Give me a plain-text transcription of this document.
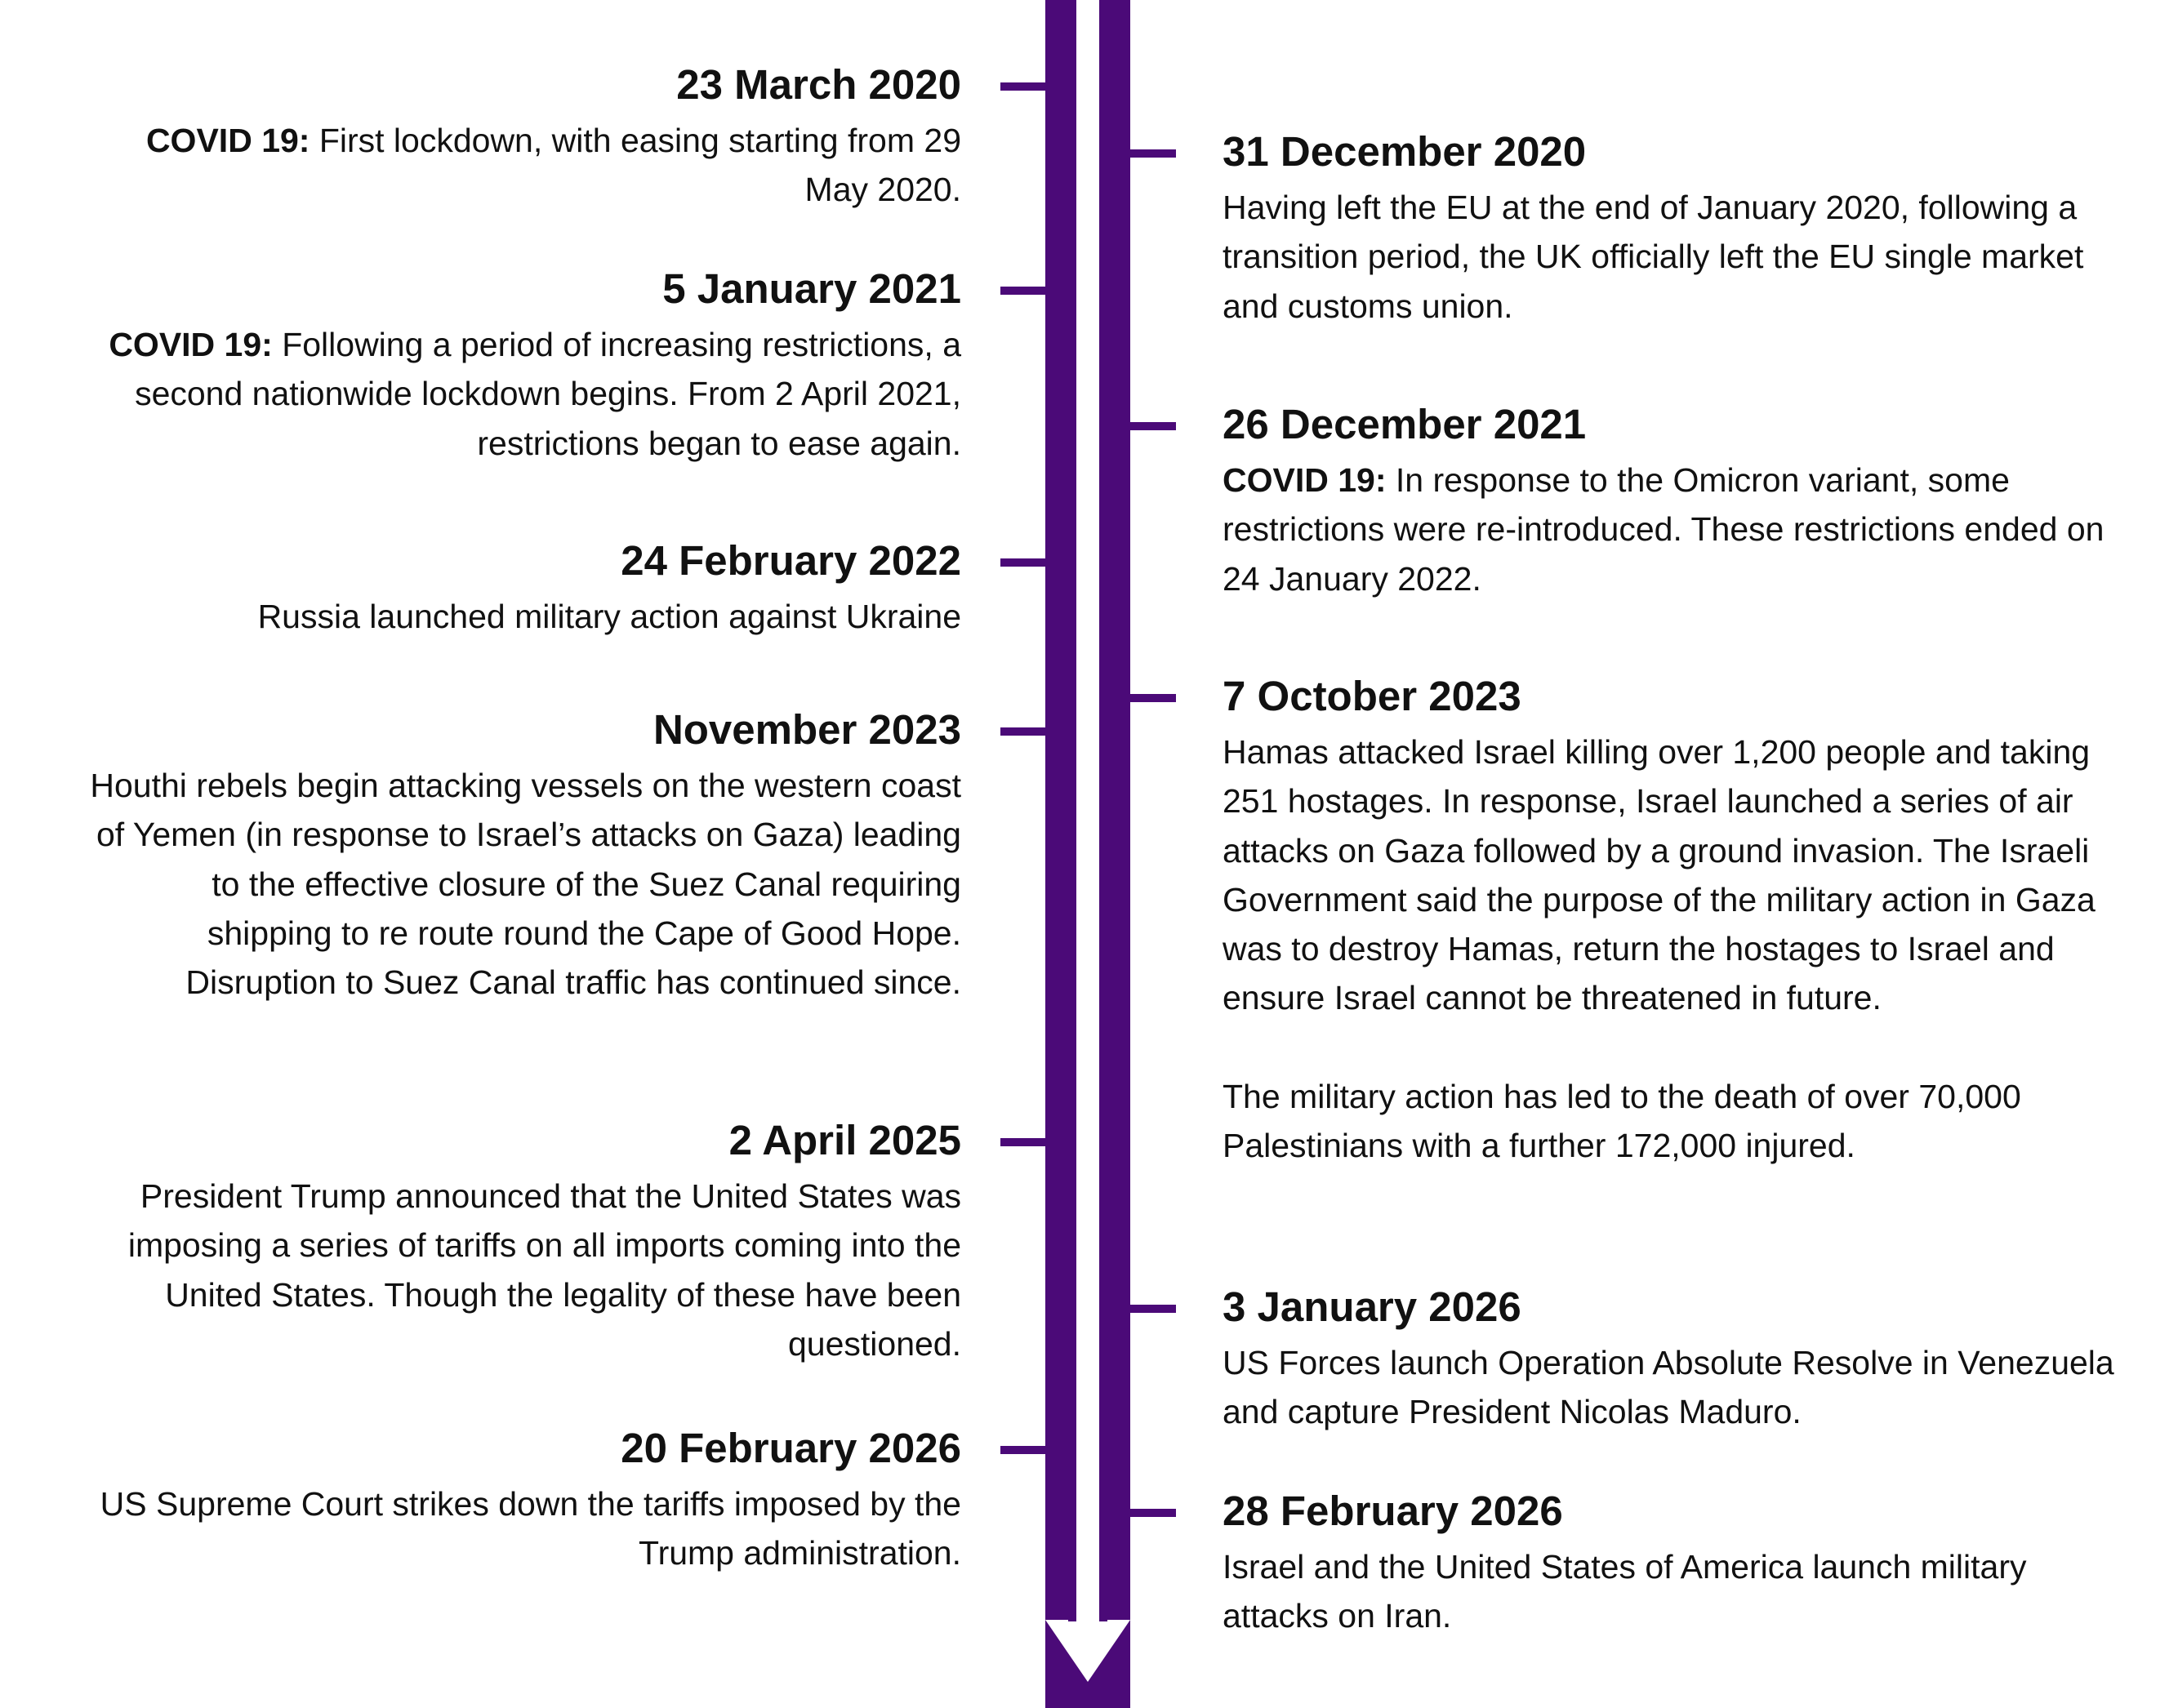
23 March 2020

COVID 19: First lockdown, with easing starting from 29 May 2020.

5 January 2021

COVID 19: Following a period of increasing restrictions, a second nationwide lockdown begins. From 2 April 2021, restrictions began to ease again.

24 February 2022

Russia launched military action against Ukraine

November 2023

Houthi rebels begin attacking vessels on the western coast of Yemen (in response to Israel’s attacks on Gaza) leading to the effective closure of the Suez Canal requiring shipping to re route round the Cape of Good Hope. Disruption to Suez Canal traffic has continued since.

2 April 2025

President Trump announced that the United States was imposing a series of tariffs on all imports coming into the United States. Though the legality of these have been questioned.

20 February 2026

US Supreme Court strikes down the tariffs imposed by the Trump administration.

31 December 2020

Having left the EU at the end of January 2020, following a transition period, the UK officially left the EU single market and customs union.

26 December 2021

COVID 19: In response to the Omicron variant, some restrictions were re-introduced. These restrictions ended on 24 January 2022.

7 October 2023

Hamas attacked Israel killing over 1,200 people and taking 251 hostages. In response, Israel launched a series of air attacks on Gaza followed by a ground invasion. The Israeli Government said the purpose of the military action in Gaza was to destroy Hamas, return the hostages to Israel and ensure Israel cannot be threatened in future.

The military action has led to the death of over 70,000 Palestinians with a further 172,000 injured.

3 January 2026

US Forces launch Operation Absolute Resolve in Venezuela and capture President Nicolas Maduro.

28 February 2026

Israel and the United States of America launch military attacks on Iran.
